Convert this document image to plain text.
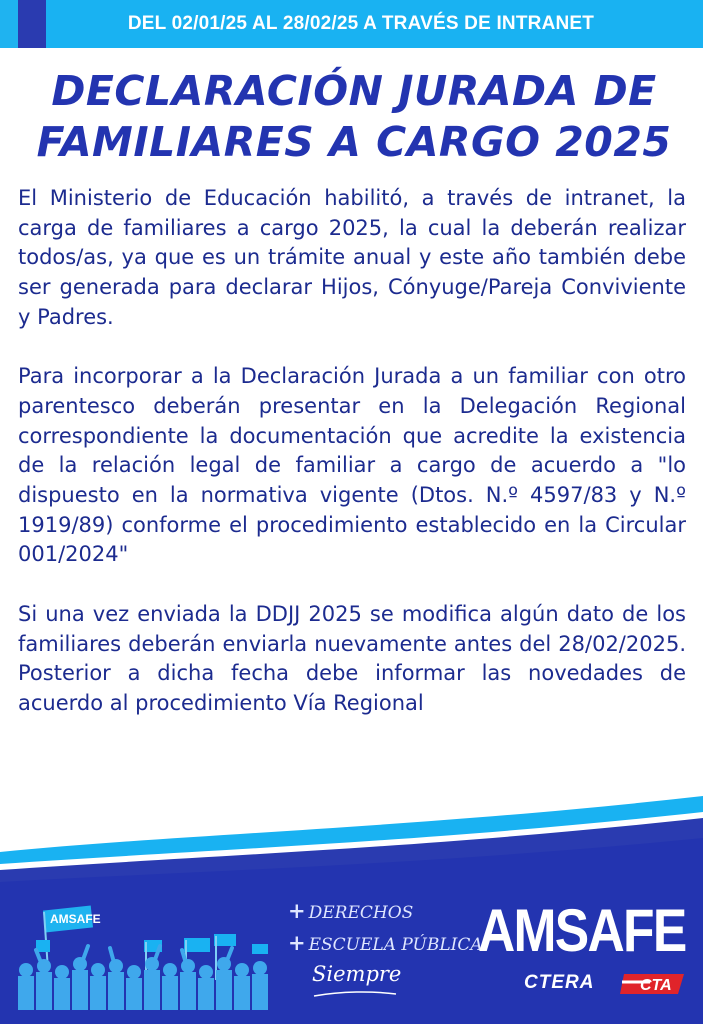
DEL 02/01/25 AL 28/02/25 A TRAVÉS DE INTRANET
DECLARACIÓN JURADA DE
FAMILIARES A CARGO 2025

El Ministerio de Educación habilitó, a través de intranet, la carga de familiares a cargo 2025, la cual la deberán realizar todos/as, ya que es un trámite anual y este año también debe ser generada para declarar Hijos, Cónyuge/Pareja Conviviente y Padres.

Para incorporar a la Declaración Jurada a un familiar con otro parentesco deberán presentar en la Delegación Regional correspondiente la documentación que acredite la existencia de la relación legal de familiar a cargo de acuerdo a "lo dispuesto en la normativa vigente (Dtos. N.º 4597/83 y N.º 1919/89) conforme el procedimiento establecido en la Circular 001/2024"

Si una vez enviada la DDJJ 2025 se modifica algún dato de los familiares deberán enviarla nuevamente antes del 28/02/2025. Posterior a dicha fecha debe informar las novedades de acuerdo al procedimiento Vía Regional

AMSAFE	+ DERECHOS
+ ESCUELA PÚBLICA
Siempre
AMSAFE
CTERA	CTA
